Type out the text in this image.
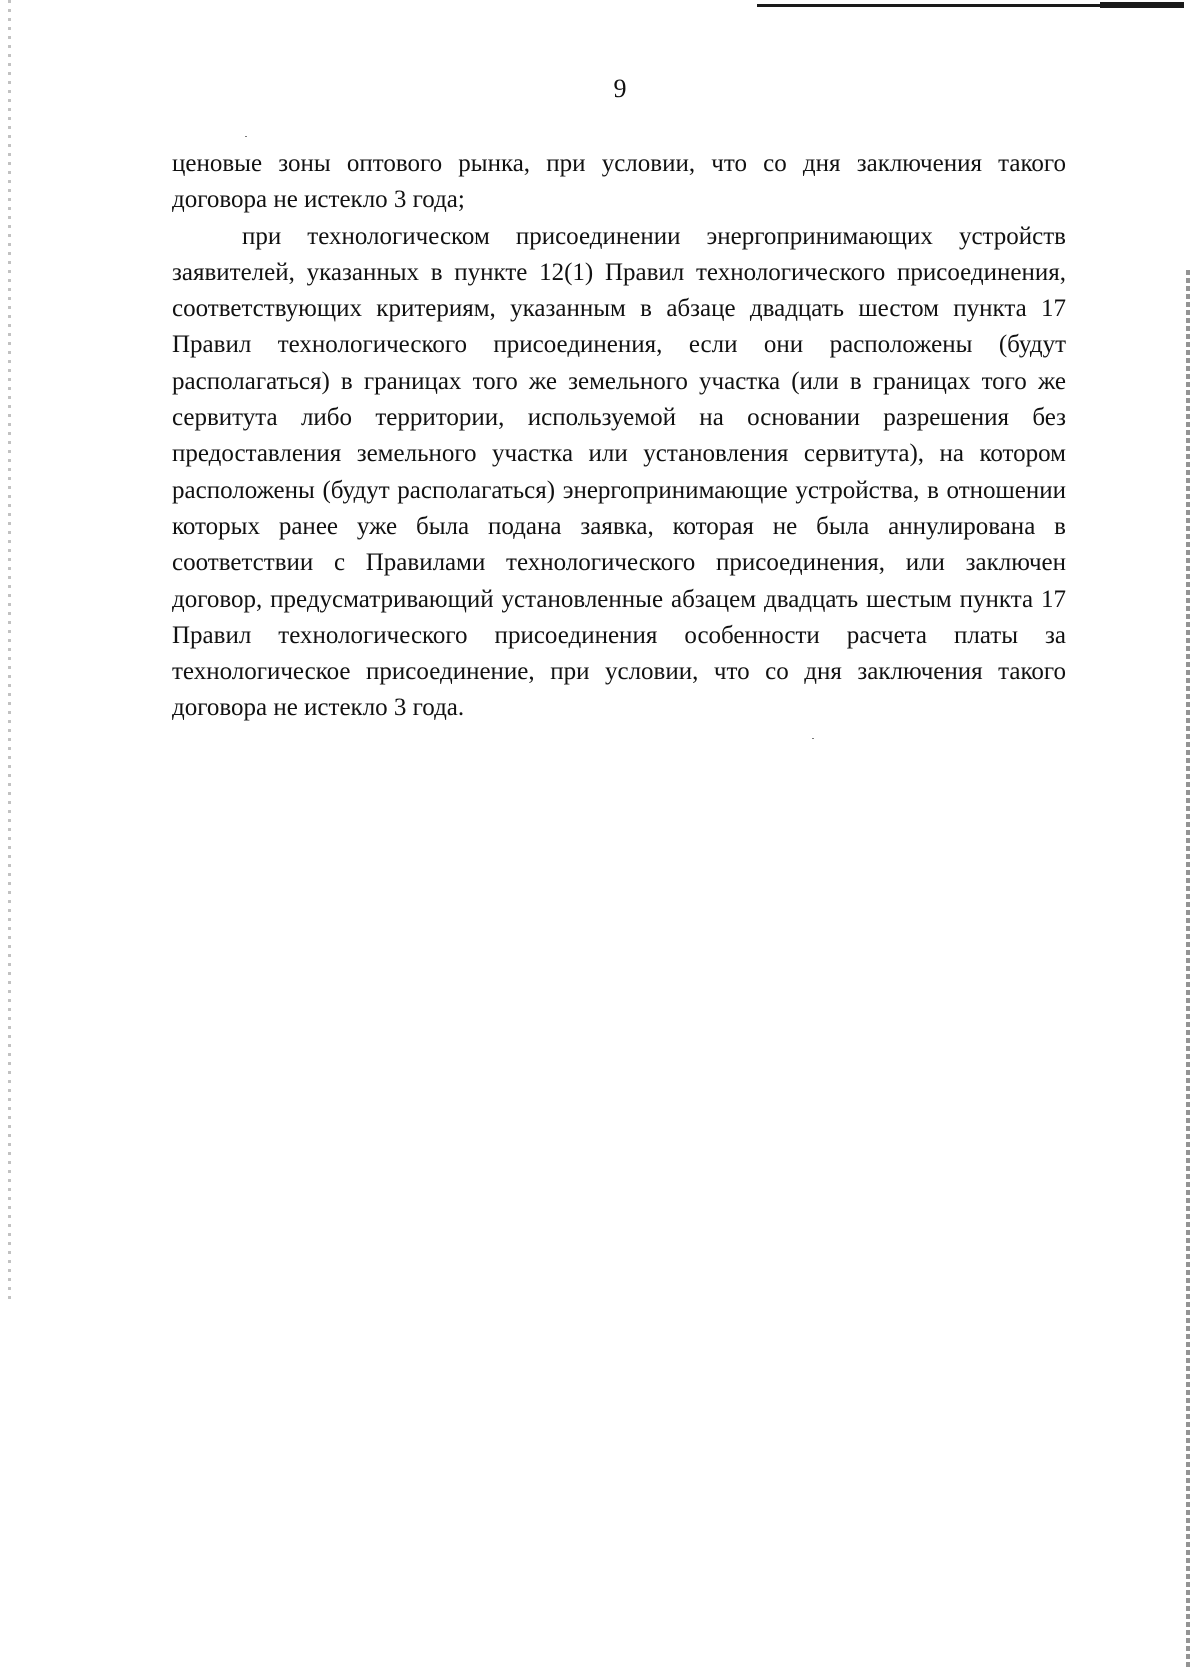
9

ценовые зоны оптового рынка, при условии, что со дня заключения такого договора не истекло 3 года;

при технологическом присоединении энергопринимающих устройств заявителей, указанных в пункте 12(1) Правил технологического присоединения, соответствующих критериям, указанным в абзаце двадцать шестом пункта 17 Правил технологического присоединения, если они расположены (будут располагаться) в границах того же земельного участка (или в границах того же сервитута либо территории, используемой на основании разрешения без предоставления земельного участка или установления сервитута), на котором расположены (будут располагаться) энергопринимающие устройства, в отношении которых ранее уже была подана заявка, которая не была аннулирована в соответствии с Правилами технологического присоединения, или заключен договор, предусматривающий установленные абзацем двадцать шестым пункта 17 Правил технологического присоединения особенности расчета платы за технологическое присоединение, при условии, что со дня заключения такого договора не истекло 3 года.
